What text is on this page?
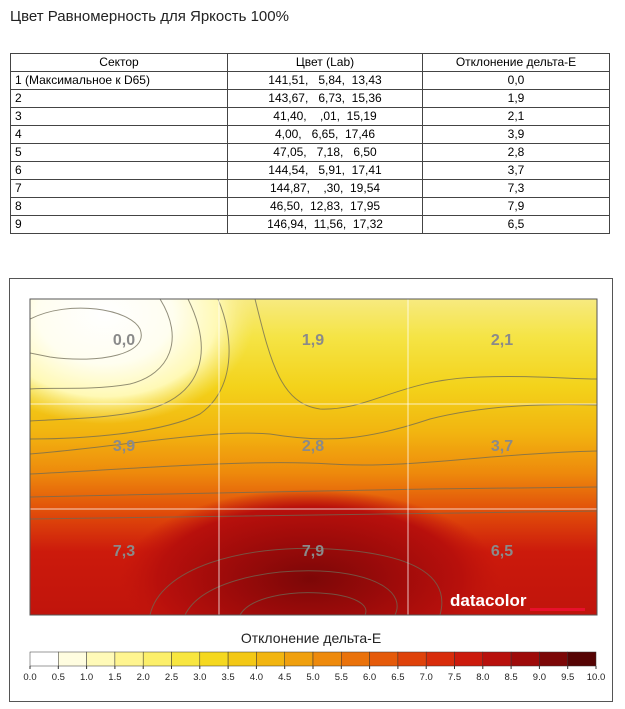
Цвет Равномерность для Яркость 100%
Сектор	Цвет (Lab)	Отклонение дельта-E
1 (Максимальное к D65)	141,51,   5,84,  13,43	0,0
2	143,67,   6,73,  15,36	1,9
3	41,40,    ,01,  15,19	2,1
4	4,00,   6,65,  17,46	3,9
5	47,05,   7,18,   6,50	2,8
6	144,54,   5,91,  17,41	3,7
7	144,87,    ,30,  19,54	7,3
8	46,50,  12,83,  17,95	7,9
9	146,94,  11,56,  17,32	6,5
0,0	1,9	2,1
3,9	2,8	3,7
7,3	7,9	6,5
datacolor
Отклонение дельта-E
0.0 0.5 1.0 1.5 2.0 2.5 3.0 3.5 4.0 4.5 5.0 5.5 6.0 6.5 7.0 7.5 8.0 8.5 9.0 9.5 10.0
